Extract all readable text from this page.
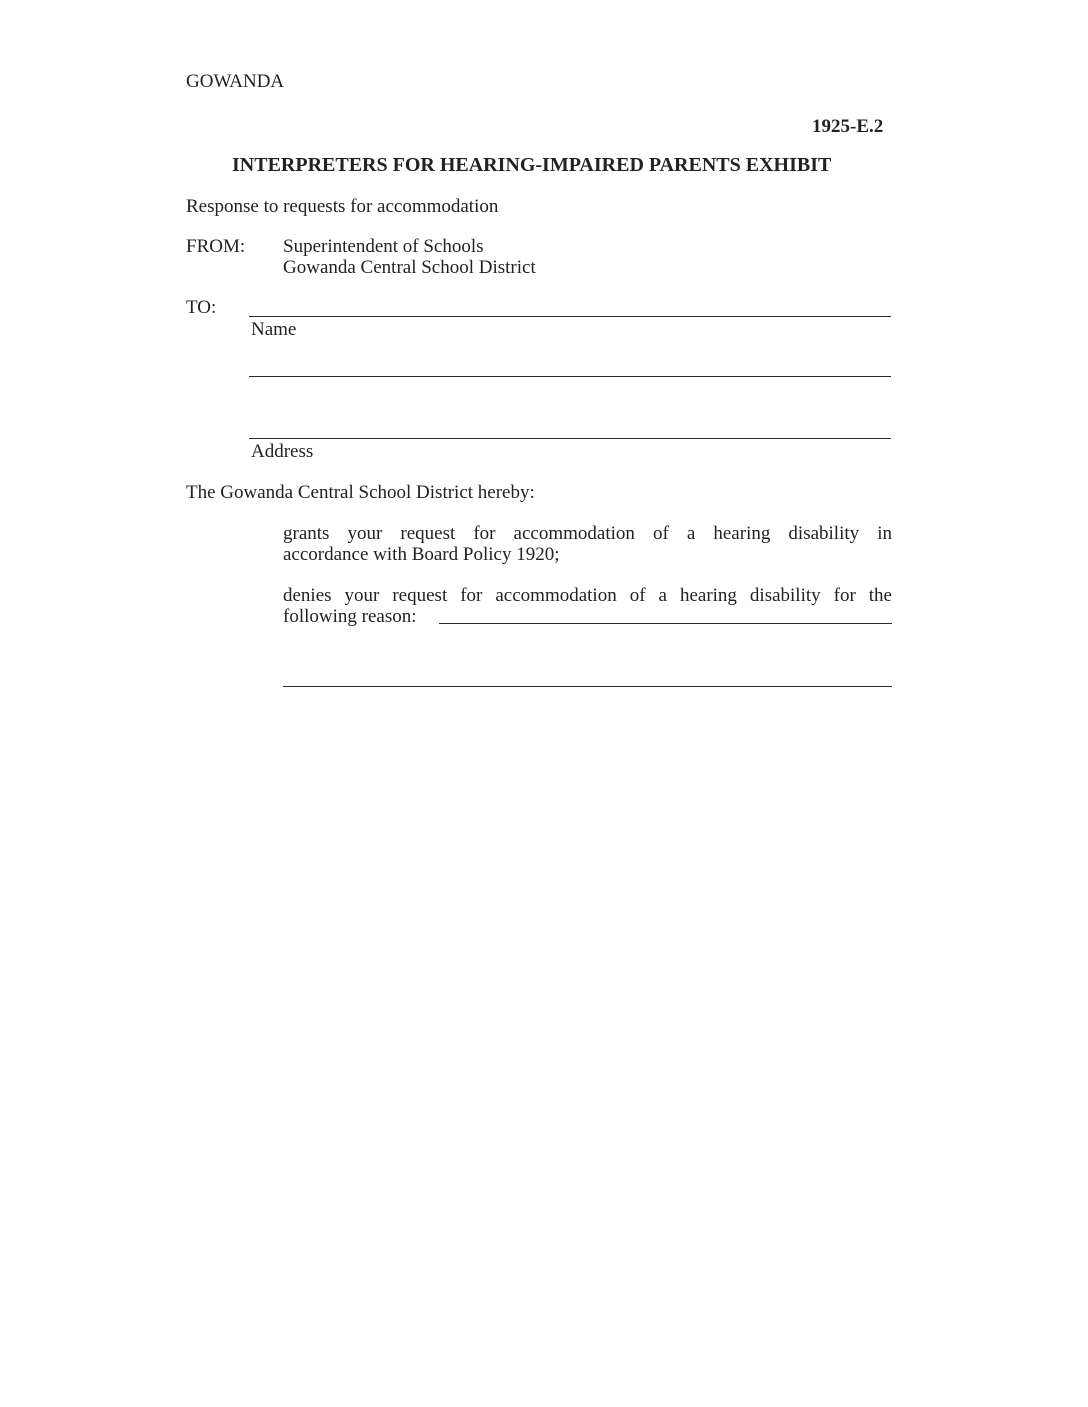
GOWANDA
1925-E.2
INTERPRETERS FOR HEARING-IMPAIRED PARENTS EXHIBIT
Response to requests for accommodation
FROM: Superintendent of Schools
Gowanda Central School District
TO:
Name
Address
The Gowanda Central School District hereby:
grants your request for accommodation of a hearing disability in
accordance with Board Policy 1920;
denies your request for accommodation of a hearing disability for the
following reason:
